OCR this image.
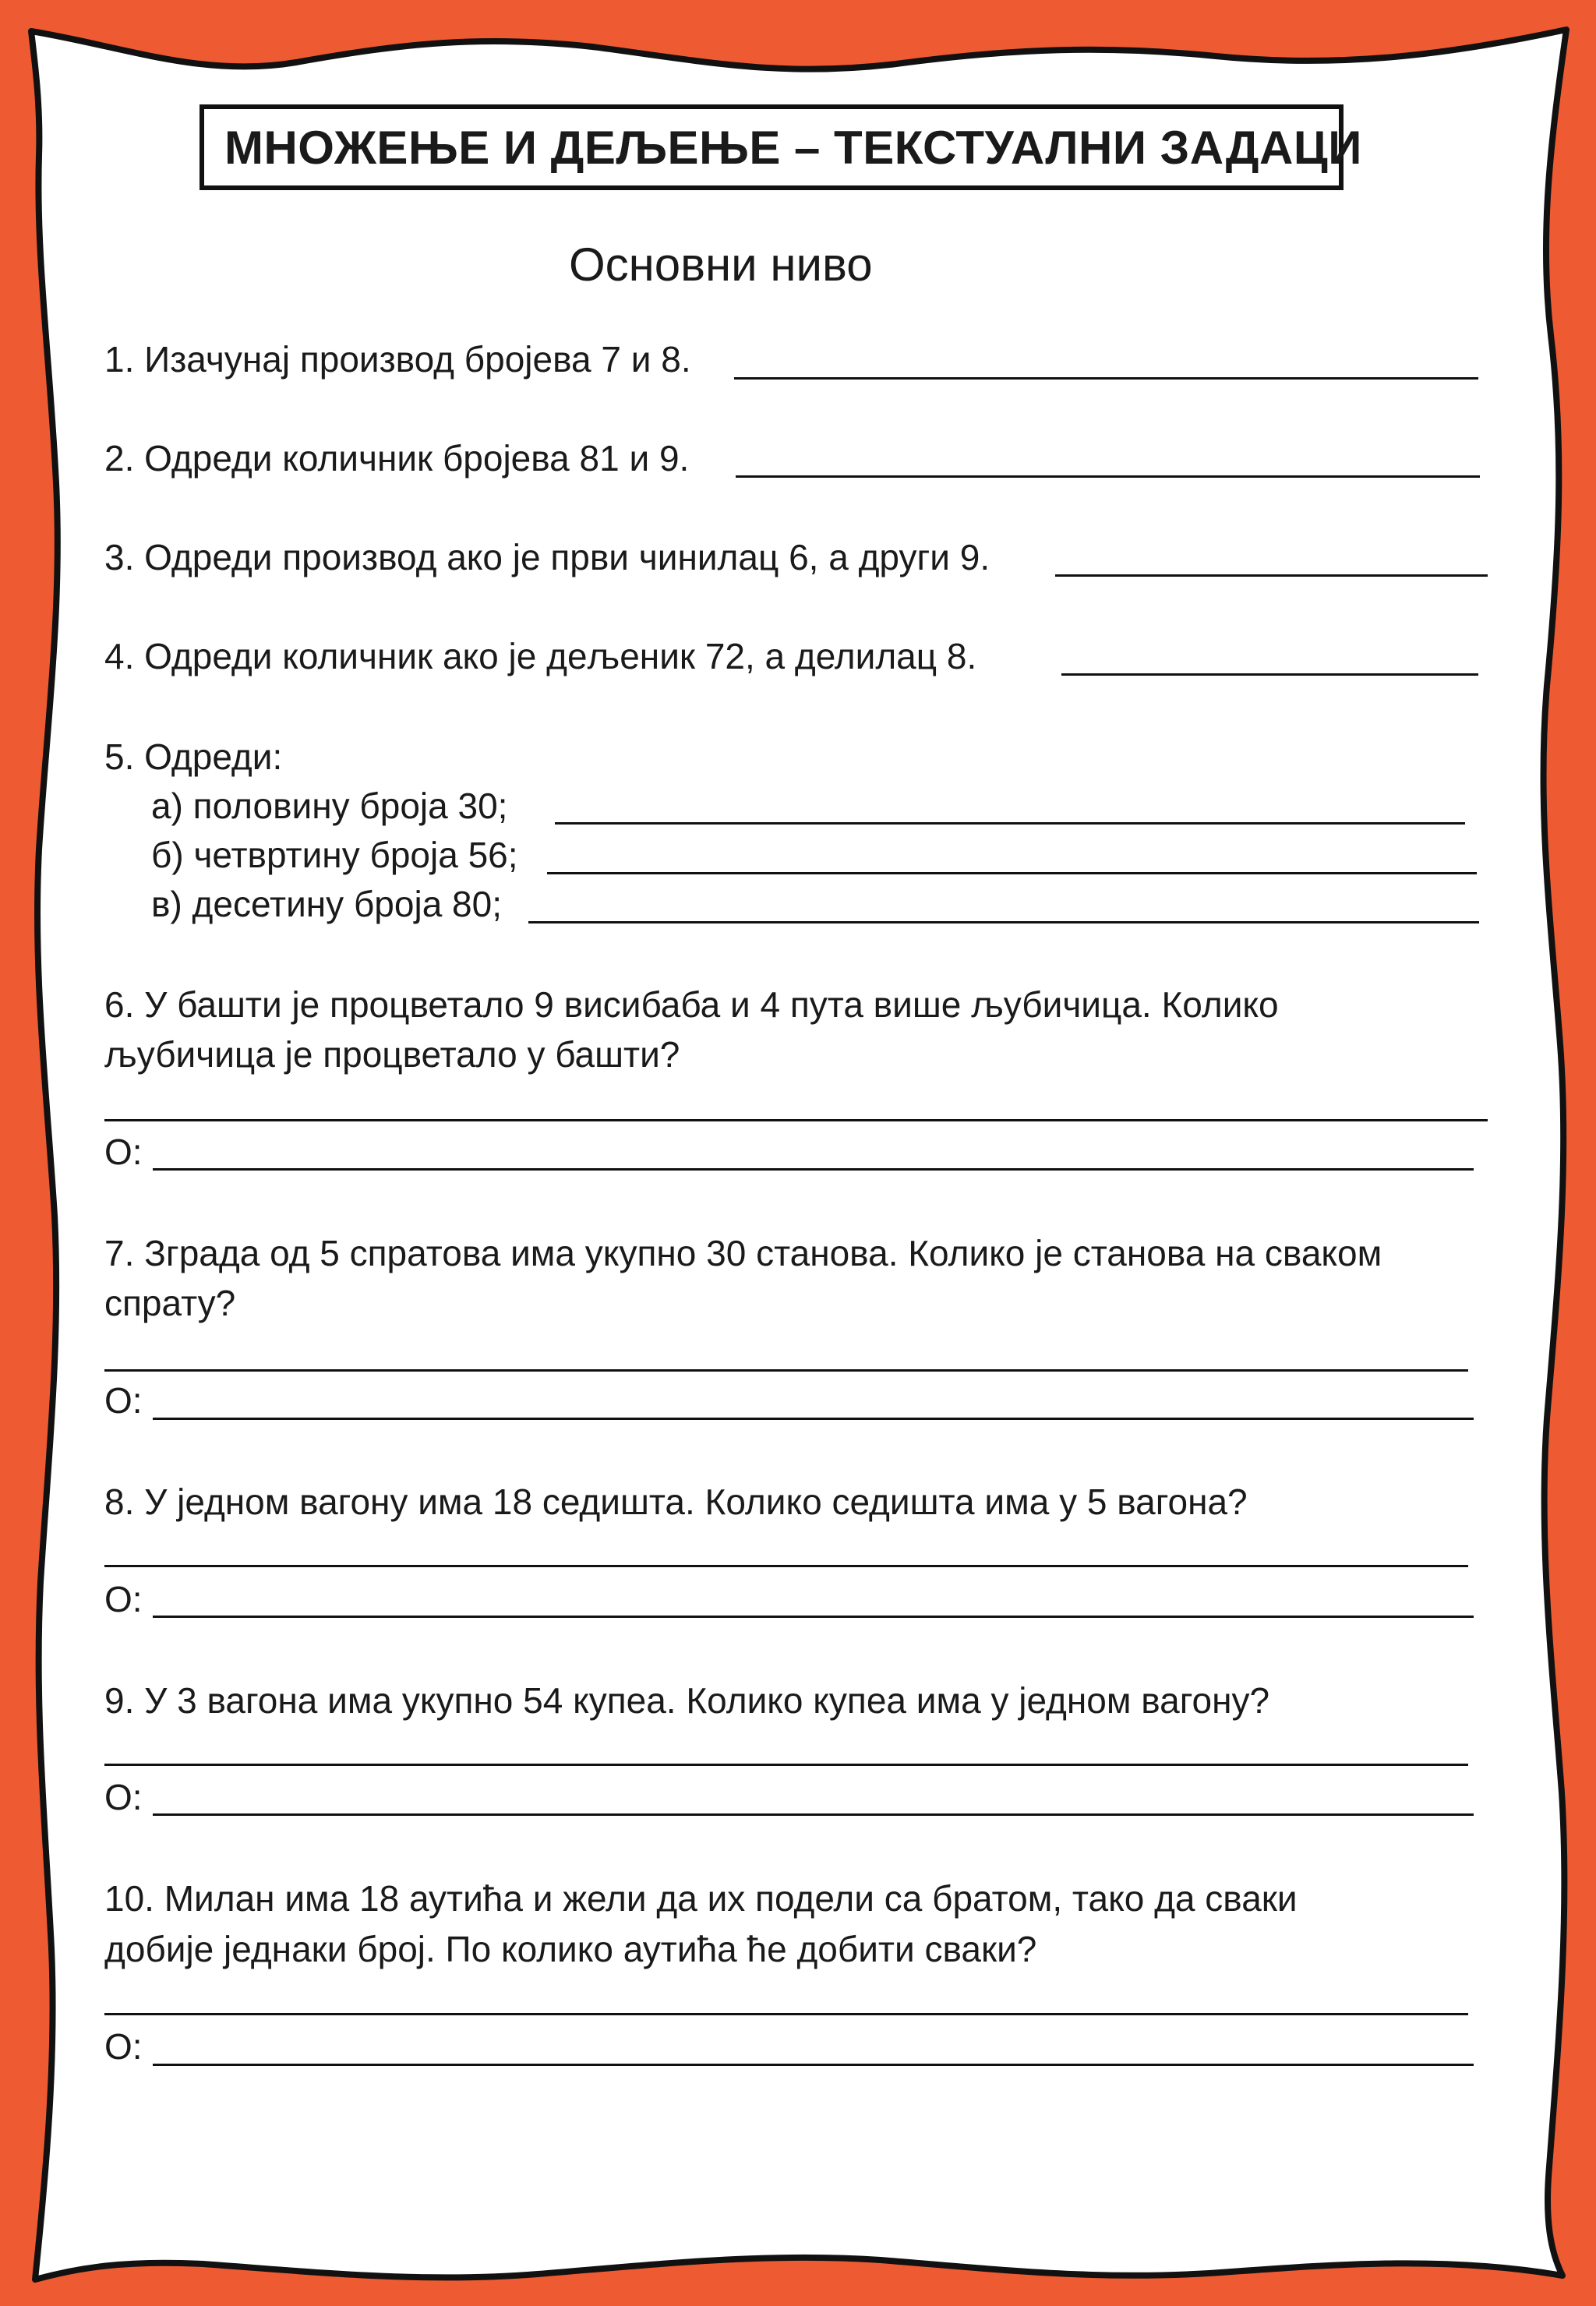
МНОЖЕЊЕ И ДЕЉЕЊЕ – ТЕКСТУАЛНИ ЗАДАЦИ
Основни ниво
1. Изачунај производ бројева 7 и 8.
2. Одреди количник бројева 81 и 9.
3. Одреди производ ако је први чинилац 6, а други 9.
4. Одреди количник ако је дељеник 72, а делилац 8.
5. Одреди:
а) половину броја 30;
б) четвртину броја 56;
в) десетину броја 80;
6. У башти је процветало 9 висибаба и 4 пута више љубичица. Колико
љубичица је процветало у башти?
О:
7. Зграда од 5 спратова има укупно 30 станова. Колико је станова на сваком
спрату?
О:
8. У једном вагону има 18 седишта. Колико седишта има у 5 вагона?
О:
9. У 3 вагона има укупно 54 купеа. Колико купеа има у једном вагону?
О:
10. Милан има 18 аутића и жели да их подели са братом, тако да сваки
добије једнаки број. По колико аутића ће добити сваки?
О:
